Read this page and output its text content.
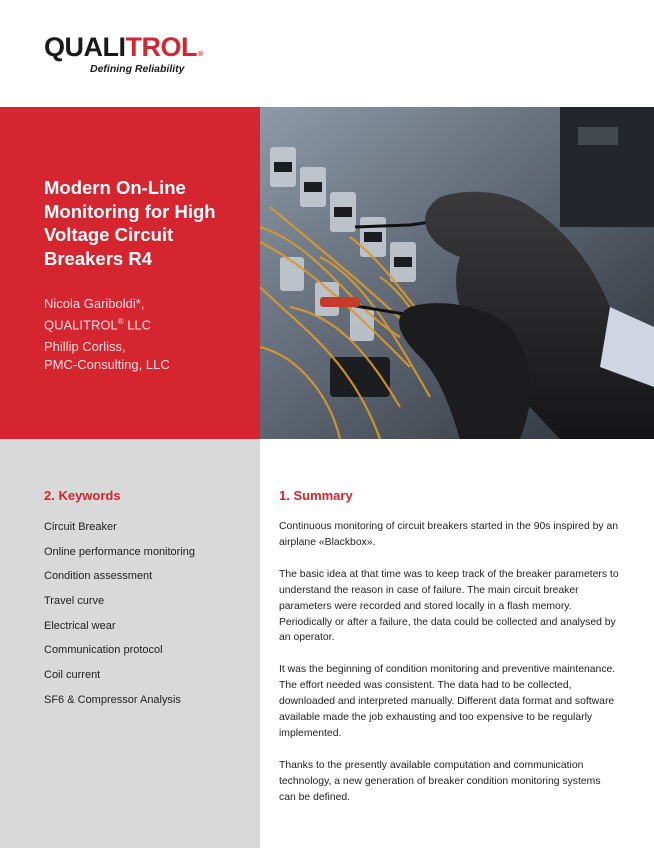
QUALI TROL ®
Defining Reliability
Modern On-Line Monitoring for High Voltage Circuit Breakers R4

Nicola Gariboldi*,
QUALITROL® LLC

Phillip Corliss,
PMC-Consulting, LLC

2. Keywords
Circuit Breaker
Online performance monitoring
Condition assessment
Travel curve
Electrical wear
Communication protocol
Coil current
SF6 & Compressor Analysis
1. Summary

Continuous monitoring of circuit breakers started in the 90s inspired by an airplane «Blackbox».

The basic idea at that time was to keep track of the breaker parameters to understand the reason in case of failure. The main circuit breaker parameters were recorded and stored locally in a flash memory. Periodically or after a failure, the data could be collected and analysed by an operator.

It was the beginning of condition monitoring and preventive maintenance. The effort needed was consistent. The data had to be collected, downloaded and interpreted manually. Different data format and software available made the job exhausting and too expensive to be regularly implemented.

Thanks to the presently available computation and communication technology, a new generation of breaker condition monitoring systems can be defined.
